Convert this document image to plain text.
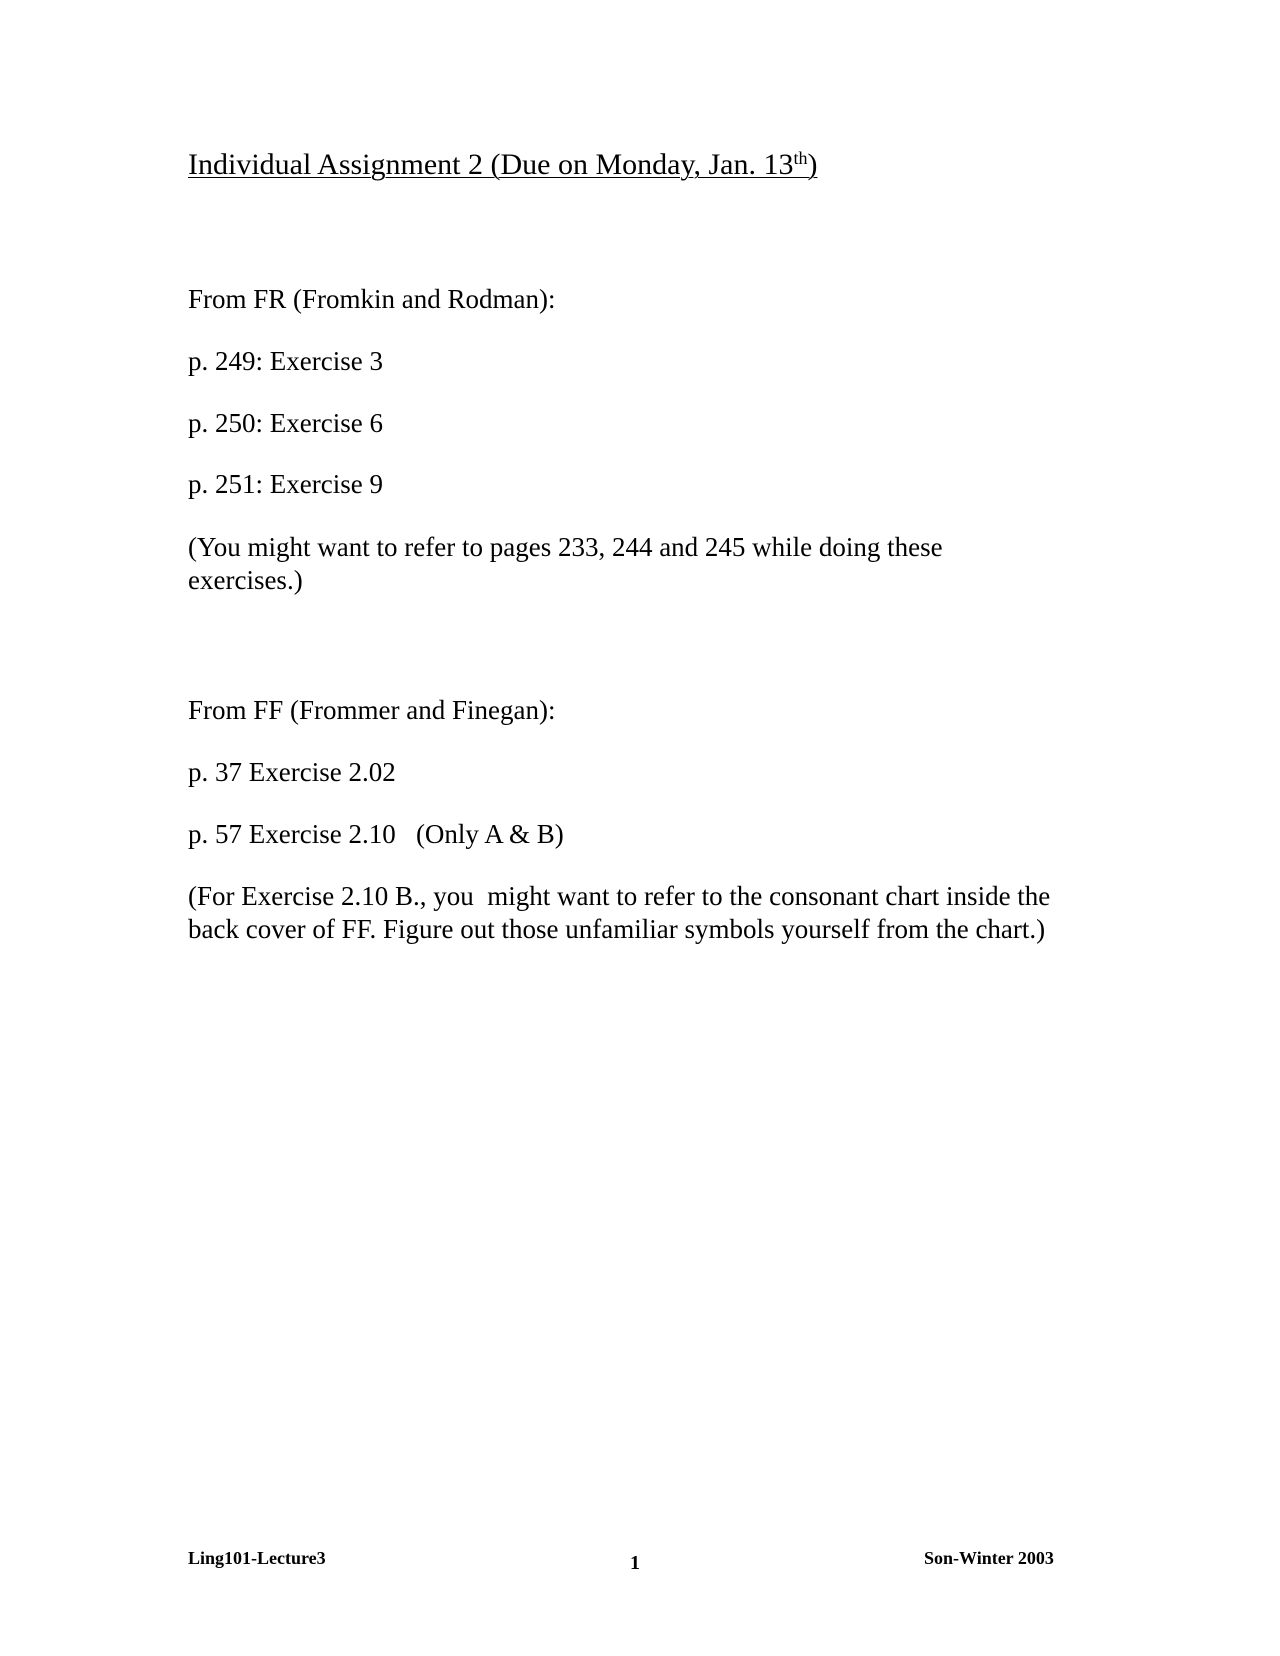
Individual Assignment 2 (Due on Monday, Jan. 13th)

From FR (Fromkin and Rodman):

p. 249: Exercise 3

p. 250: Exercise 6

p. 251: Exercise 9

(You might want to refer to pages 233, 244 and 245 while doing these exercises.)

From FF (Frommer and Finegan):

p. 37 Exercise 2.02

p. 57 Exercise 2.10   (Only A & B)

(For Exercise 2.10 B., you  might want to refer to the consonant chart inside the back cover of FF. Figure out those unfamiliar symbols yourself from the chart.)

Ling101-Lecture3	1	Son-Winter 2003
